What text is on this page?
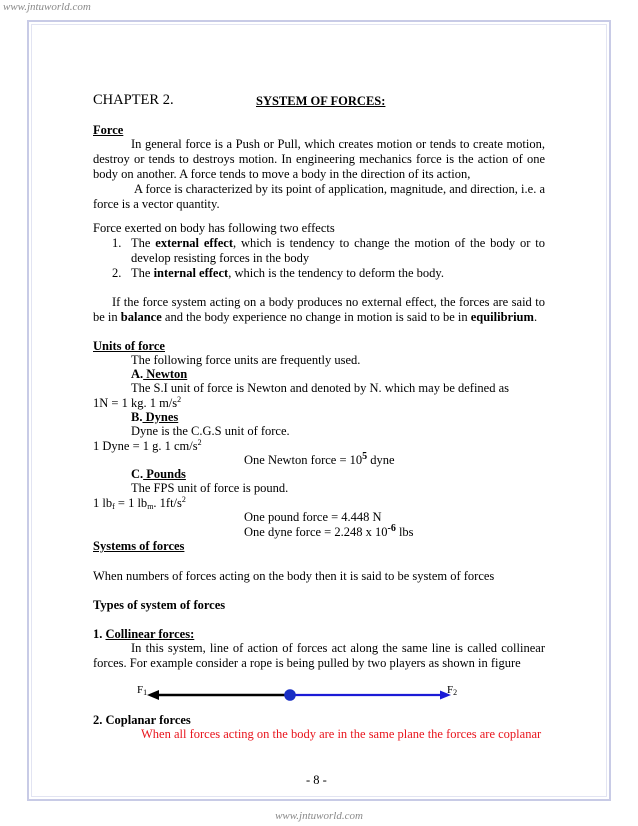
www.jntuworld.com
CHAPTER 2.	SYSTEM OF FORCES:
Force
In general force is a Push or Pull, which creates motion or tends to create motion, destroy or tends to destroys motion. In engineering mechanics force is the action of one body on another. A force tends to move a body in the direction of its action,
A force is characterized by its point of application, magnitude, and direction, i.e. a force is a vector quantity.
Force exerted on body has following two effects
1. The external effect, which is tendency to change the motion of the body or to develop resisting forces in the body
2. The internal effect, which is the tendency to deform the body.
If the force system acting on a body produces no external effect, the forces are said to be in balance and the body experience no change in motion is said to be in equilibrium.
Units of force
The following force units are frequently used.
A. Newton
The S.I unit of force is Newton and denoted by N. which may be defined as
1N = 1 kg. 1 $m/s^2$
B. Dynes
Dyne is the C.G.S unit of force.
1 Dyne = 1 g. 1 $cm/s^2$
One Newton force = $10^5$ dyne
C. Pounds
The FPS unit of force is pound.
1 $lb_f = 1$ $lb_m$. $1ft/s^2$
One pound force = 4.448 N
One dyne force = 2.248 x $10^{-6}$ lbs
Systems of forces
When numbers of forces acting on the body then it is said to be system of forces
Types of system of forces
1. Collinear forces:
In this system, line of action of forces act along the same line is called collinear forces. For example consider a rope is being pulled by two players as shown in figure
$F_1$	$F_2$
2. Coplanar forces
When all forces acting on the body are in the same plane the forces are coplanar
- 8 -
www.jntuworld.com
